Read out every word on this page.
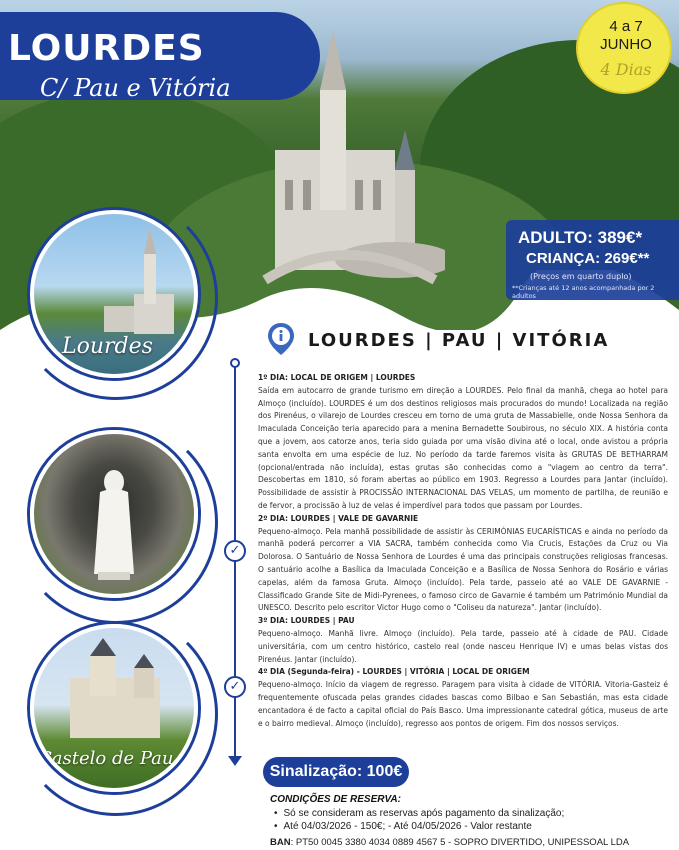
LOURDES
C/ Pau e Vitória
4 a 7
JUNHO
4 Dias
ADULTO: 389€*
CRIANÇA: 269€**
(Preços em quarto duplo)
**Crianças até 12 anos acompanhada por 2 adultos
Lourdes
Castelo de Pau
✓
✓
LOURDES | PAU | VITÓRIA
1º DIA: LOCAL DE ORIGEM | LOURDES
Saída em autocarro de grande turismo em direção a LOURDES. Pelo final da manhã, chega ao hotel para Almoço (incluído). LOURDES é um dos destinos religiosos mais procurados do mundo! Localizada na região dos Pirenéus, o vilarejo de Lourdes cresceu em torno de uma gruta de Massabielle, onde Nossa Senhora da Imaculada Conceição teria aparecido para a menina Bernadette Soubirous, no século XIX. A história conta que a jovem, aos catorze anos, teria sido guiada por uma visão divina até o local, onde avistou a própria santa envolta em uma espécie de luz. No período da tarde faremos visita às GRUTAS DE BETHARRAM (opcional/entrada não incluída), estas grutas são conhecidas como a "viagem ao centro da terra". Descobertas em 1810, só foram abertas ao público em 1903. Regresso a Lourdes para Jantar (incluído). Possibilidade de assistir à PROCISSÃO INTERNACIONAL DAS VELAS, um momento de partilha, de reunião e de fervor, a procissão à luz de velas é imperdível para todos que passam por Lourdes.
2º DIA: LOURDES | VALE DE GAVARNIE
Pequeno-almoço. Pela manhã possibilidade de assistir às CERIMÓNIAS EUCARÍSTICAS e ainda no período da manhã poderá percorrer a VIA SACRA, também conhecida como Via Crucis, Estações da Cruz ou Via Dolorosa. O Santuário de Nossa Senhora de Lourdes é uma das principais construções religiosas francesas. O santuário acolhe a Basílica da Imaculada Conceição e a Basílica de Nossa Senhora do Rosário e várias capelas, além da famosa Gruta. Almoço (incluído). Pela tarde, passeio até ao VALE DE GAVARNIE - Classificado Grande Site de Midi-Pyrenees, o famoso circo de Gavarnie é também um Património Mundial da UNESCO. Descrito pelo escritor Victor Hugo como o "Coliseu da natureza". Jantar (incluído).
3º DIA: LOURDES | PAU
Pequeno-almoço. Manhã livre. Almoço (incluído). Pela tarde, passeio até à cidade de PAU. Cidade universitária, com um centro histórico, castelo real (onde nasceu Henrique IV) e umas belas vistas dos Pirenéus. Jantar (incluído).
4º DIA (Segunda-feira) - LOURDES | VITÓRIA | LOCAL DE ORIGEM
Pequeno-almoço. Início da viagem de regresso. Paragem para visita à cidade de VITÓRIA. Vitoria-Gasteiz é frequentemente ofuscada pelas grandes cidades bascas como Bilbao e San Sebastián, mas esta cidade encantadora é de facto a capital oficial do País Basco. Uma impressionante catedral gótica, museus de arte e o bairro medieval. Almoço (incluído), regresso aos pontos de origem. Fim dos nossos serviços.
Sinalização: 100€
CONDIÇÕES DE RESERVA:
• Só se consideram as reservas após pagamento da sinalização;
• Até 04/03/2026 - 150€; - Até 04/05/2026 - Valor restante
BAN: PT50 0045 3380 4034 0889 4567 5 - SOPRO DIVERTIDO, UNIPESSOAL LDA
